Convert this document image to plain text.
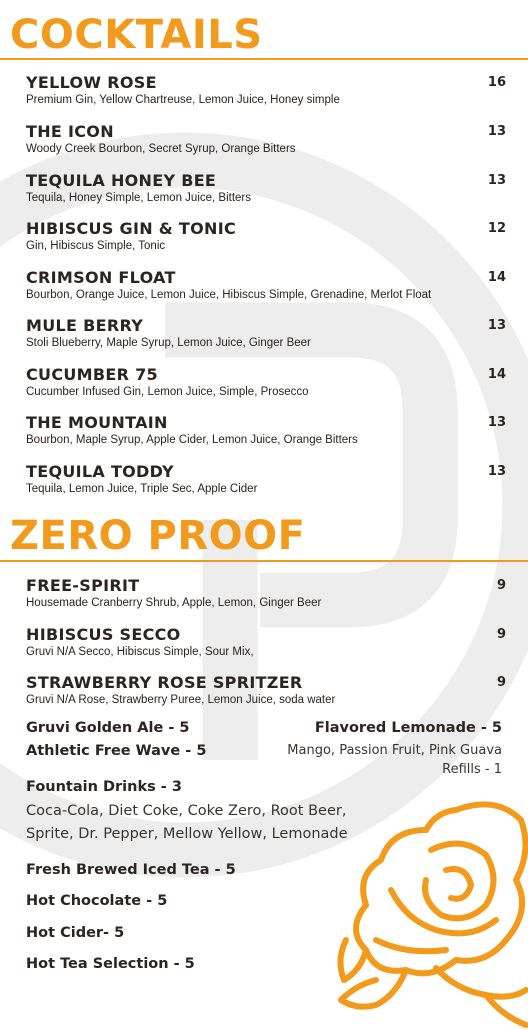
COCKTAILS
YELLOW ROSE
Premium Gin, Yellow Chartreuse, Lemon Juice, Honey simple
16
THE ICON
Woody Creek Bourbon, Secret Syrup, Orange Bitters
13
TEQUILA HONEY BEE
Tequila, Honey Simple, Lemon Juice, Bitters
13
HIBISCUS GIN & TONIC
Gin, Hibiscus Simple, Tonic
12
CRIMSON FLOAT
Bourbon, Orange Juice, Lemon Juice, Hibiscus Simple, Grenadine, Merlot Float
14
MULE BERRY
Stoli Blueberry, Maple Syrup, Lemon Juice, Ginger Beer
13
CUCUMBER 75
Cucumber Infused Gin, Lemon Juice, Simple, Prosecco
14
THE MOUNTAIN
Bourbon, Maple Syrup, Apple Cider, Lemon Juice, Orange Bitters
13
TEQUILA TODDY
Tequila, Lemon Juice, Triple Sec, Apple Cider
13
ZERO PROOF
FREE-SPIRIT
Housemade Cranberry Shrub, Apple, Lemon, Ginger Beer
9
HIBISCUS SECCO
Gruvi N/A Secco, Hibiscus Simple, Sour Mix,
9
STRAWBERRY ROSE SPRITZER
Gruvi N/A Rose, Strawberry Puree, Lemon Juice, soda water
9
Gruvi Golden Ale - 5
Athletic Free Wave - 5
Flavored Lemonade - 5
Mango, Passion Fruit, Pink Guava
Refills - 1
Fountain Drinks - 3
Coca-Cola, Diet Coke, Coke Zero, Root Beer,
Sprite, Dr. Pepper, Mellow Yellow, Lemonade
Fresh Brewed Iced Tea - 5
Hot Chocolate - 5
Hot Cider- 5
Hot Tea Selection - 5
